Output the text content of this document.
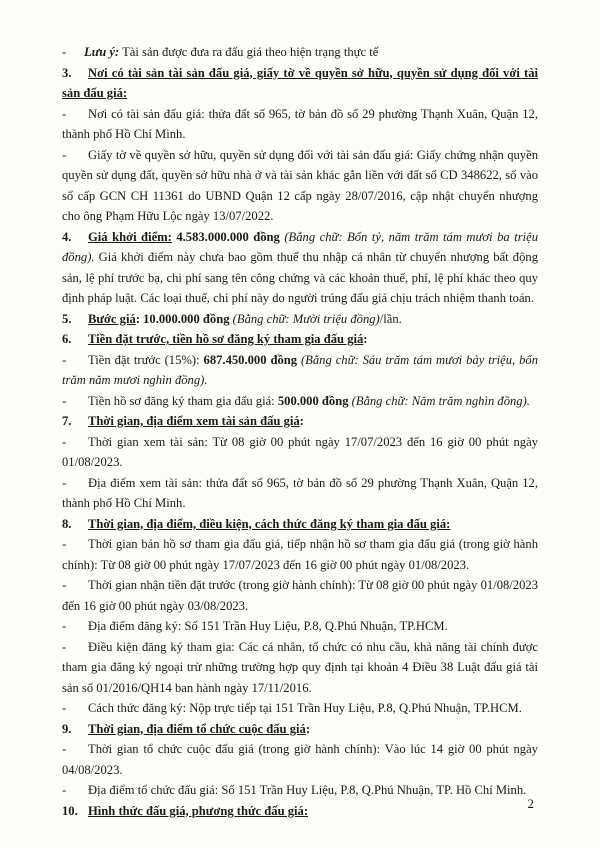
- Lưu ý: Tài sản được đưa ra đấu giá theo hiện trạng thực tế

3. Nơi có tài sản tài sản đấu giá, giấy tờ về quyền sở hữu, quyền sử dụng đối với tài sản đấu giá:

- Nơi có tài sản đấu giá: thửa đất số 965, tờ bản đồ số 29 phường Thạnh Xuân, Quận 12, thành phố Hồ Chí Minh.

- Giấy tờ về quyền sở hữu, quyền sử dụng đối với tài sản đấu giá: Giấy chứng nhận quyền quyền sử dụng đất, quyền sở hữu nhà ở và tài sản khác gắn liền với đất số CD 348622, số vào sổ cấp GCN CH 11361 do UBND Quận 12 cấp ngày 28/07/2016, cập nhật chuyển nhượng cho ông Phạm Hữu Lộc ngày 13/07/2022.

4. Giá khởi điểm: 4.583.000.000 đồng (Bằng chữ: Bốn tỷ, năm trăm tám mươi ba triệu đồng). Giá khởi điểm này chưa bao gồm thuế thu nhập cá nhân từ chuyển nhượng bất động sản, lệ phí trước bạ, chi phí sang tên công chứng và các khoản thuế, phí, lệ phí khác theo quy định pháp luật. Các loại thuế, chi phí này do người trúng đấu giá chịu trách nhiệm thanh toán.

5. Bước giá: 10.000.000 đồng (Bằng chữ: Mười triệu đồng)/lần.

6. Tiền đặt trước, tiền hồ sơ đăng ký tham gia đấu giá:

- Tiền đặt trước (15%): 687.450.000 đồng (Bằng chữ: Sáu trăm tám mươi bảy triệu, bốn trăm năm mươi nghìn đồng).

- Tiền hồ sơ đăng ký tham gia đấu giá: 500.000 đồng (Bằng chữ: Năm trăm nghìn đồng).

7. Thời gian, địa điểm xem tài sản đấu giá:

- Thời gian xem tài sản: Từ 08 giờ 00 phút ngày 17/07/2023 đến 16 giờ 00 phút ngày 01/08/2023.

- Địa điểm xem tài sản: thửa đất số 965, tờ bản đồ số 29 phường Thạnh Xuân, Quận 12, thành phố Hồ Chí Minh.

8. Thời gian, địa điểm, điều kiện, cách thức đăng ký tham gia đấu giá:

- Thời gian bán hồ sơ tham gia đấu giá, tiếp nhận hồ sơ tham gia đấu giá (trong giờ hành chính): Từ 08 giờ 00 phút ngày 17/07/2023 đến 16 giờ 00 phút ngày 01/08/2023.

- Thời gian nhận tiền đặt trước (trong giờ hành chính): Từ 08 giờ 00 phút ngày 01/08/2023 đến 16 giờ 00 phút ngày 03/08/2023.

- Địa điểm đăng ký: Số 151 Trần Huy Liệu, P.8, Q.Phú Nhuận, TP.HCM.

- Điều kiện đăng ký tham gia: Các cá nhân, tổ chức có nhu cầu, khả năng tài chính được tham gia đăng ký ngoại trừ những trường hợp quy định tại khoản 4 Điều 38 Luật đấu giá tài sản số 01/2016/QH14 ban hành ngày 17/11/2016.

- Cách thức đăng ký: Nộp trực tiếp tại 151 Trần Huy Liệu, P.8, Q.Phú Nhuận, TP.HCM.

9. Thời gian, địa điểm tổ chức cuộc đấu giá:

- Thời gian tổ chức cuộc đấu giá (trong giờ hành chính): Vào lúc 14 giờ 00 phút ngày 04/08/2023.

- Địa điểm tổ chức đấu giá: Số 151 Trần Huy Liệu, P.8, Q.Phú Nhuận, TP. Hồ Chí Minh.

10. Hình thức đấu giá, phương thức đấu giá:	2
